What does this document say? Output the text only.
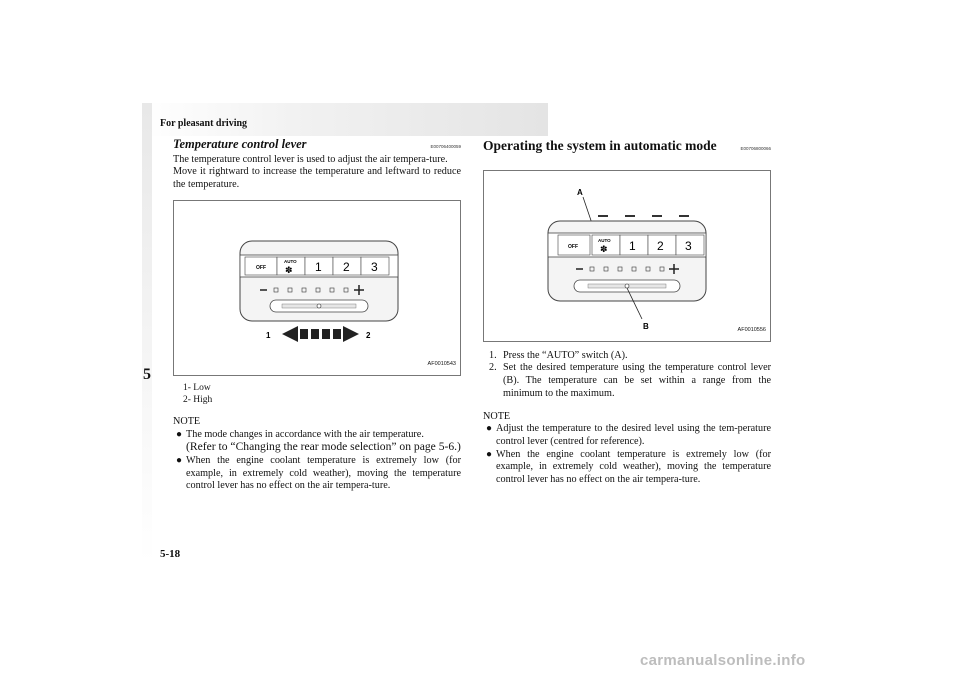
For pleasant driving
5
5-18
Temperature control lever	E00706400059

The temperature control lever is used to adjust the air tempera-ture.

Move it rightward to increase the temperature and leftward to reduce the temperature.

OFF
AUTO
✽ 1 2 3
1	2
AF0010543
1- Low
2- High
NOTE
● The mode changes in accordance with the air temperature.
(Refer to “Changing the rear mode selection” on page 5-6.)
● When the engine coolant temperature is extremely low (for example, in extremely cold weather), moving the temperature control lever has no effect on the air tempera-ture.
Operating the system in automatic mode	E00706800066
A
OFF
AUTO
✽ 1 2 3
B	AF0010556
1. Press the “AUTO” switch (A).
2. Set the desired temperature using the temperature control lever (B). The temperature can be set within a range from the minimum to the maximum.
NOTE
● Adjust the temperature to the desired level using the tem-perature control lever (centred for reference).
● When the engine coolant temperature is extremely low (for example, in extremely cold weather), moving the temperature control lever has no effect on the air tempera-ture.
carmanualsonline.info
